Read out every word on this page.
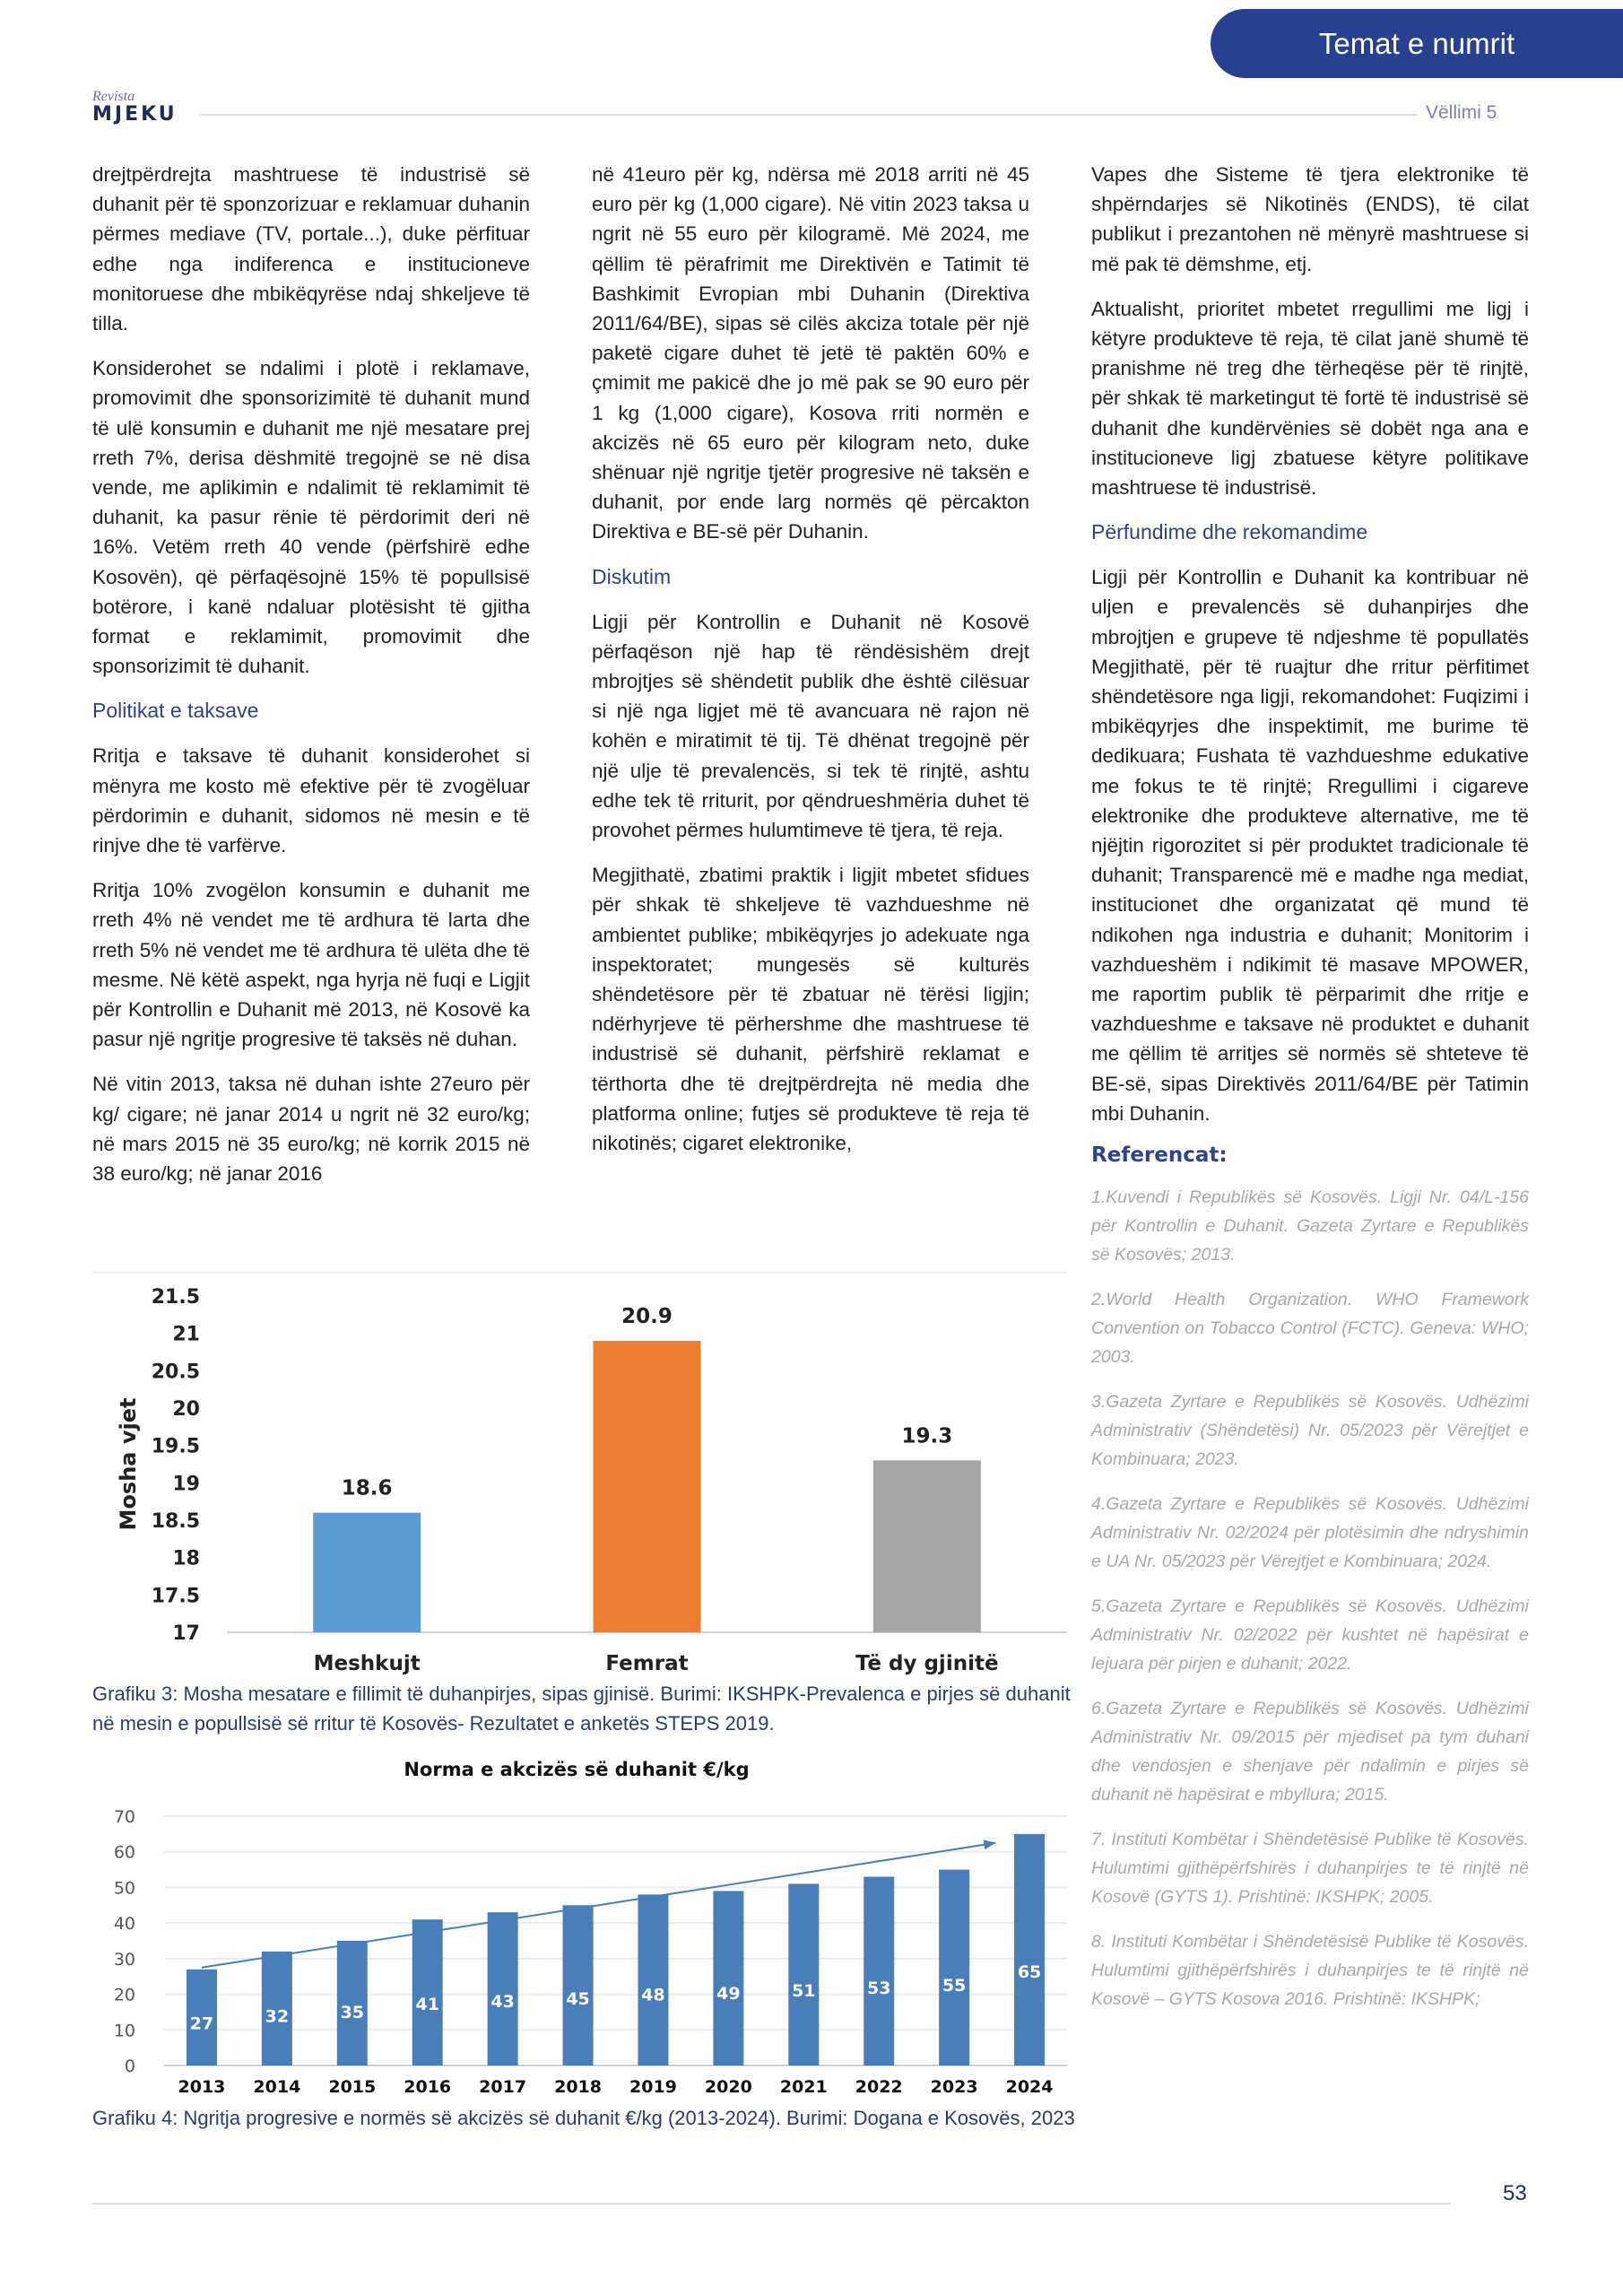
Temat e numrit
Revista
MJEKU	Vëllimi 5

drejtpërdrejta mashtruese të industrisë së duhanit për të sponzorizuar e reklamuar duhanin përmes mediave (TV, portale...), duke përfituar edhe nga indiferenca e institucioneve monitoruese dhe mbikëqyrëse ndaj shkeljeve të tilla.

Konsiderohet se ndalimi i plotë i reklamave, promovimit dhe sponsorizimitë të duhanit mund të ulë konsumin e duhanit me një mesatare prej rreth 7%, derisa dëshmitë tregojnë se në disa vende, me aplikimin e ndalimit të reklamimit të duhanit, ka pasur rënie të përdorimit deri në 16%. Vetëm rreth 40 vende (përfshirë edhe Kosovën), që përfaqësojnë 15% të popullsisë botërore, i kanë ndaluar plotësisht të gjitha format e reklamimit, promovimit dhe sponsorizimit të duhanit.

Politikat e taksave

Rritja e taksave të duhanit konsiderohet si mënyra me kosto më efektive për të zvogëluar përdorimin e duhanit, sidomos në mesin e të rinjve dhe të varfërve.

Rritja 10% zvogëlon konsumin e duhanit me rreth 4% në vendet me të ardhura të larta dhe rreth 5% në vendet me të ardhura të ulëta dhe të mesme. Në këtë aspekt, nga hyrja në fuqi e Ligjit për Kontrollin e Duhanit më 2013, në Kosovë ka pasur një ngritje progresive të taksës në duhan.

Në vitin 2013, taksa në duhan ishte 27euro për kg/ cigare; në janar 2014 u ngrit në 32 euro/kg; në mars 2015 në 35 euro/kg; në korrik 2015 në 38 euro/kg; në janar 2016

në 41euro për kg, ndërsa më 2018 arriti në 45 euro për kg (1,000 cigare). Në vitin 2023 taksa u ngrit në 55 euro për kilogramë. Më 2024, me qëllim të përafrimit me Direktivën e Tatimit të Bashkimit Evropian mbi Duhanin (Direktiva 2011/64/BE), sipas së cilës akciza totale për një paketë cigare duhet të jetë të paktën 60% e çmimit me pakicë dhe jo më pak se 90 euro për 1 kg (1,000 cigare), Kosova rriti normën e akcizës në 65 euro për kilogram neto, duke shënuar një ngritje tjetër progresive në taksën e duhanit, por ende larg normës që përcakton Direktiva e BE-së për Duhanin.

Diskutim

Ligji për Kontrollin e Duhanit në Kosovë përfaqëson një hap të rëndësishëm drejt mbrojtjes së shëndetit publik dhe është cilësuar si një nga ligjet më të avancuara në rajon në kohën e miratimit të tij. Të dhënat tregojnë për një ulje të prevalencës, si tek të rinjtë, ashtu edhe tek të rriturit, por qëndrueshmëria duhet të provohet përmes hulumtimeve të tjera, të reja.

Megjithatë, zbatimi praktik i ligjit mbetet sfidues për shkak të shkeljeve të vazhdueshme në ambientet publike; mbikëqyrjes jo adekuate nga inspektoratet; mungesës së kulturës shëndetësore për të zbatuar në tërësi ligjin; ndërhyrjeve të përhershme dhe mashtruese të industrisë së duhanit, përfshirë reklamat e tërthorta dhe të drejtpërdrejta në media dhe platforma online; futjes së produkteve të reja të nikotinës; cigaret elektronike,

Vapes dhe Sisteme të tjera elektronike të shpërndarjes së Nikotinës (ENDS), të cilat publikut i prezantohen në mënyrë mashtruese si më pak të dëmshme, etj.

Aktualisht, prioritet mbetet rregullimi me ligj i këtyre produkteve të reja, të cilat janë shumë të pranishme në treg dhe tërheqëse për të rinjtë, për shkak të marketingut të fortë të industrisë së duhanit dhe kundërvënies së dobët nga ana e institucioneve ligj zbatuese këtyre politikave mashtruese të industrisë.

Përfundime dhe rekomandime

Ligji për Kontrollin e Duhanit ka kontribuar në uljen e prevalencës së duhanpirjes dhe mbrojtjen e grupeve të ndjeshme të popullatës Megjithatë, për të ruajtur dhe rritur përfitimet shëndetësore nga ligji, rekomandohet: Fuqizimi i mbikëqyrjes dhe inspektimit, me burime të dedikuara; Fushata të vazhdueshme edukative me fokus te të rinjtë; Rregullimi i cigareve elektronike dhe produkteve alternative, me të njëjtin rigorozitet si për produktet tradicionale të duhanit; Transparencë më e madhe nga mediat, institucionet dhe organizatat që mund të ndikohen nga industria e duhanit; Monitorim i vazhdueshëm i ndikimit të masave MPOWER, me raportim publik të përparimit dhe rritje e vazhdueshme e taksave në produktet e duhanit me qëllim të arritjes së normës së shteteve të BE-së, sipas Direktivës 2011/64/BE për Tatimin mbi Duhanin.

Referencat:

1.Kuvendi i Republikës së Kosovës. Ligji Nr. 04/L-156 për Kontrollin e Duhanit. Gazeta Zyrtare e Republikës së Kosovës; 2013.

2.World Health Organization. WHO Framework Convention on Tobacco Control (FCTC). Geneva: WHO; 2003.

3.Gazeta Zyrtare e Republikës së Kosovës. Udhëzimi Administrativ (Shëndetësi) Nr. 05/2023 për Vërejtjet e Kombinuara; 2023.

4.Gazeta Zyrtare e Republikës së Kosovës. Udhëzimi Administrativ Nr. 02/2024 për plotësimin dhe ndryshimin e UA Nr. 05/2023 për Vërejtjet e Kombinuara; 2024.

5.Gazeta Zyrtare e Republikës së Kosovës. Udhëzimi Administrativ Nr. 02/2022 për kushtet në hapësirat e lejuara për pirjen e duhanit; 2022.

6.Gazeta Zyrtare e Republikës së Kosovës. Udhëzimi Administrativ Nr. 09/2015 për mjediset pa tym duhani dhe vendosjen e shenjave për ndalimin e pirjes së duhanit në hapësirat e mbyllura; 2015.

7. Instituti Kombëtar i Shëndetësisë Publike të Kosovës. Hulumtimi gjithëpërfshirës i duhanpirjes te të rinjtë në Kosovë (GYTS 1). Prishtinë: IKSHPK; 2005.

8. Instituti Kombëtar i Shëndetësisë Publike të Kosovës. Hulumtimi gjithëpërfshirës i duhanpirjes te të rinjtë në Kosovë – GYTS Kosova 2016. Prishtinë: IKSHPK;

17
17.5
18
18.5
19
19.5
20
20.5
21
21.5
Mosha vjet	18.6
Meshkujt
20.9
Femrat
19.3
Të dy gjinitë
Grafiku 3: Mosha mesatare e fillimit të duhanpirjes, sipas gjinisë. Burimi: IKSHPK-Prevalenca e pirjes së duhanit në mesin e popullsisë së rritur të Kosovës- Rezultatet e anketës STEPS 2019.
Norma e akcizës së duhanit €/kg
0
10
20
30
40
50
60
70
27
2013
32
2014
35
2015
41
2016
43
2017
45
2018
48
2019
49
2020
51
2021
53
2022
55
2023
65
2024
Grafiku 4: Ngritja progresive e normës së akcizës së duhanit €/kg (2013-2024). Burimi: Dogana e Kosovës, 2023
53
